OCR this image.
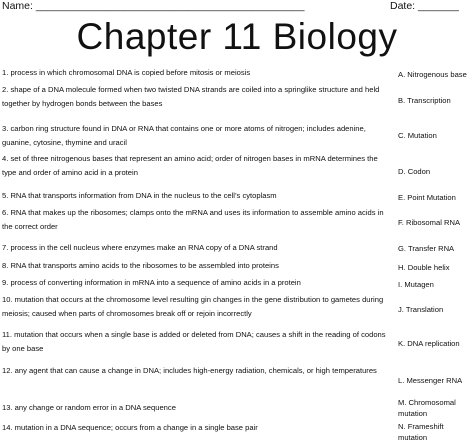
Name: ______________________________________________	Date: _______
Chapter 11 Biology
1. process in which chromosomal DNA is copied before mitosis or meiosis
2. shape of a DNA molecule formed when two twisted DNA strands are coiled into a springlike structure and held together by hydrogen bonds between the bases
3. carbon ring structure found in DNA or RNA that contains one or more atoms of nitrogen; includes adenine, guanine, cytosine, thymine and uracil
4. set of three nitrogenous bases that represent an amino acid; order of nitrogen bases in mRNA determines the type and order of amino acid in a protein
5. RNA that transports information from DNA in the nucleus to the cell’s cytoplasm
6. RNA that makes up the ribosomes; clamps onto the mRNA and uses its information to assemble amino acids in the correct order
7. process in the cell nucleus where enzymes make an RNA copy of a DNA strand
8. RNA that transports amino acids to the ribosomes to be assembled into proteins
9. process of converting information in mRNA into a sequence of amino acids in a protein
10. mutation that occurs at the chromosome level resulting gin changes in the gene distribution to gametes during meiosis; caused when parts of chromosomes break off or rejoin incorrectly
11. mutation that occurs when a single base is added or deleted from DNA; causes a shift in the reading of codons by one base
12. any agent that can cause a change in DNA; includes high-energy radiation, chemicals, or high temperatures
13. any change or random error in a DNA sequence
14. mutation in a DNA sequence; occurs from a change in a single base pair
A. Nitrogenous base
B. Transcription
C. Mutation
D. Codon
E. Point Mutation
F. Ribosomal RNA
G. Transfer RNA
H. Double helix
I. Mutagen
J. Translation
K. DNA replication
L. Messenger RNA
M. Chromosomal mutation
N. Frameshift mutation
